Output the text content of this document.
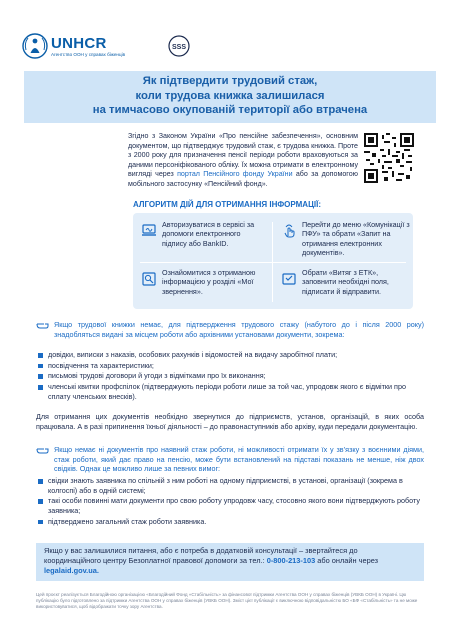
UNHCR
Агентство ООН у справах біженців
SSS
Як підтвердити трудовий стаж,
коли трудова книжка залишилася
на тимчасово окупованій території або втрачена
Згідно з Законом України «Про пенсійне забезпечення», основним документом, що підтверджує трудовий стаж, є трудова книжка. Проте з 2000 року для призначення пенсії періоди роботи враховуються за даними персоніфікованого обліку. Їх можна отримати в електронному вигляді через портал Пенсійного фонду України або за допомогою мобільного застосунку «Пенсійний фонд».
АЛГОРИТМ ДІЙ ДЛЯ ОТРИМАННЯ ІНФОРМАЦІЇ:
Авторизуватися в сервісі за допомоги електронного підпису або BankID.
Перейти до меню «Комунікації з ПФУ» та обрати «Запит на отримання електронних документів».
Ознайомитися з отриманою інформацією у розділі «Мої звернення».
Обрати «Витяг з ЕТК», заповнити необхідні поля, підписати й відправити.
Якщо трудової книжки немає, для підтвердження трудового стажу (набутого до і після 2000 року) знадобляться видані за місцем роботи або архівними установами документи, зокрема:
довідки, виписки з наказів, особових рахунків і відомостей на видачу заробітної плати;
посвідчення та характеристики;
письмові трудові договори й угоди з відмітками про їх виконання;
членські квитки профспілок (підтверджують періоди роботи лише за той час, упродовж якого є відмітки про сплату членських внесків).
Для отримання цих документів необхідно звернутися до підприємств, установ, організацій, в яких особа працювала. А в разі припинення їхньої діяльності – до правонаступників або архіву, куди передали документацію.
Якщо немає ні документів про наявний стаж роботи, ні можливості отримати їх у зв’язку з воєнними діями, стаж роботи, який дає право на пенсію, може бути встановлений на підставі показань не менше, ніж двох свідків. Однак це можливо лише за певних вимог:
свідки знають заявника по спільній з ним роботі на одному підприємстві, в установі, організації (зокрема в колгоспі) або в одній системі;
такі особи повинні мати документи про свою роботу упродовж часу, стосовно якого вони підтверджують роботу заявника;
підтверджено загальний стаж роботи заявника.
Якщо у вас залишилися питання, або є потреба в додатковій консультації – звертайтеся до координаційного центру Безоплатної правової допомоги за тел.: 0-800-213-103 або онлайн через legalaid.gov.ua.
Цей проєкт реалізується Благодійною організацією «Благодійний Фонд «Стабільність» за фінансової підтримки Агентства ООН у справах біженців (УВКБ ООН) в Україні. Цю публікацію було підготовлено за підтримки Агентства ООН у справах біженців (УВКБ ООН). Зміст цієї публікації є виключною відповідальністю БО «БФ «Стабільність» та не може використовуватися, щоб відображати точку зору Агентства.
